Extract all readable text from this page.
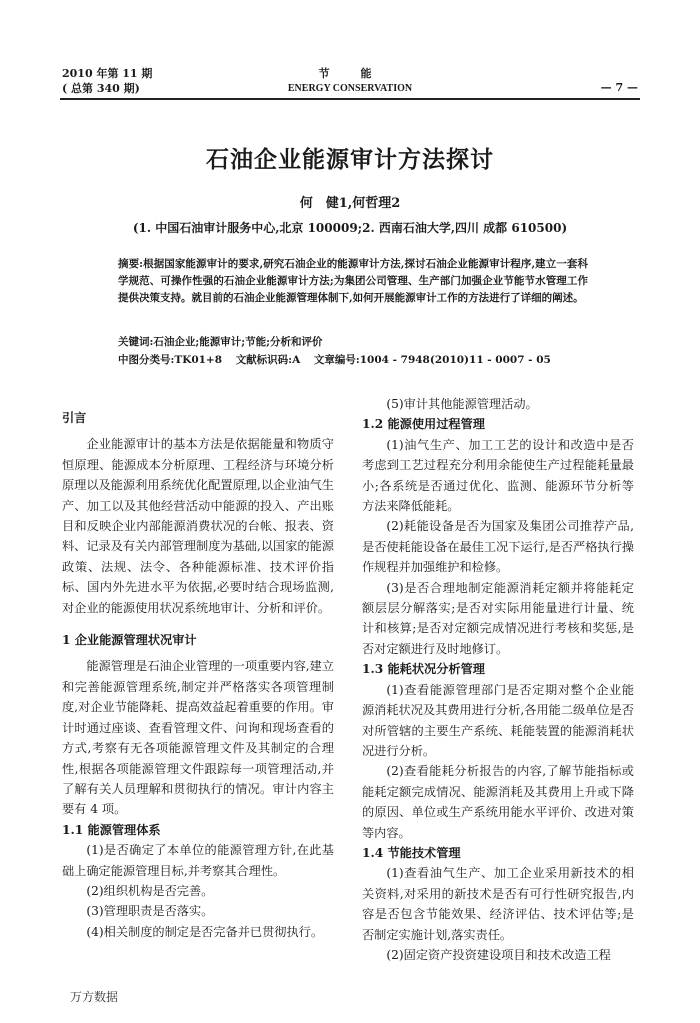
2010 年第 11 期
( 总第 340 期)
节　能
ENERGY CONSERVATION	— 7 —
石油企业能源审计方法探讨
何　健1,何哲理2
(1. 中国石油审计服务中心,北京 100009;2. 西南石油大学,四川 成都 610500)
摘要:根据国家能源审计的要求,研究石油企业的能源审计方法,探讨石油企业能源审计程序,建立一套科学规范、可操作性强的石油企业能源审计方法;为集团公司管理、生产部门加强企业节能节水管理工作提供决策支持。就目前的石油企业能源管理体制下,如何开展能源审计工作的方法进行了详细的阐述。
关键词:石油企业;能源审计;节能;分析和评价
中图分类号:TK01+8 文献标识码:A 文章编号:1004 - 7948(2010)11 - 0007 - 05
引言

企业能源审计的基本方法是依据能量和物质守恒原理、能源成本分析原理、工程经济与环境分析原理以及能源利用系统优化配置原理,以企业油气生产、加工以及其他经营活动中能源的投入、产出账目和反映企业内部能源消费状况的台帐、报表、资料、记录及有关内部管理制度为基础,以国家的能源政策、法规、法令、各种能源标准、技术评价指标、国内外先进水平为依据,必要时结合现场监测,对企业的能源使用状况系统地审计、分析和评价。

1 企业能源管理状况审计

能源管理是石油企业管理的一项重要内容,建立和完善能源管理系统,制定并严格落实各项管理制度,对企业节能降耗、提高效益起着重要的作用。审计时通过座谈、查看管理文件、问询和现场查看的方式,考察有无各项能源管理文件及其制定的合理性,根据各项能源管理文件跟踪每一项管理活动,并了解有关人员理解和贯彻执行的情况。审计内容主要有 4 项。

1.1 能源管理体系

(1)是否确定了本单位的能源管理方针,在此基础上确定能源管理目标,并考察其合理性。

(2)组织机构是否完善。

(3)管理职责是否落实。

(4)相关制度的制定是否完备并已贯彻执行。

(5)审计其他能源管理活动。

1.2 能源使用过程管理

(1)油气生产、加工工艺的设计和改造中是否考虑到工艺过程充分利用余能使生产过程能耗量最小;各系统是否通过优化、监测、能源环节分析等方法来降低能耗。

(2)耗能设备是否为国家及集团公司推荐产品,是否使耗能设备在最佳工况下运行,是否严格执行操作规程并加强维护和检修。

(3)是否合理地制定能源消耗定额并将能耗定额层层分解落实;是否对实际用能量进行计量、统计和核算;是否对定额完成情况进行考核和奖惩,是否对定额进行及时地修订。

1.3 能耗状况分析管理

(1)查看能源管理部门是否定期对整个企业能源消耗状况及其费用进行分析,各用能二级单位是否对所管辖的主要生产系统、耗能装置的能源消耗状况进行分析。

(2)查看能耗分析报告的内容,了解节能指标或能耗定额完成情况、能源消耗及其费用上升或下降的原因、单位或生产系统用能水平评价、改进对策等内容。

1.4 节能技术管理

(1)查看油气生产、加工企业采用新技术的相关资料,对采用的新技术是否有可行性研究报告,内容是否包含节能效果、经济评估、技术评估等;是否制定实施计划,落实责任。

(2)固定资产投资建设项目和技术改造工程

万方数据
